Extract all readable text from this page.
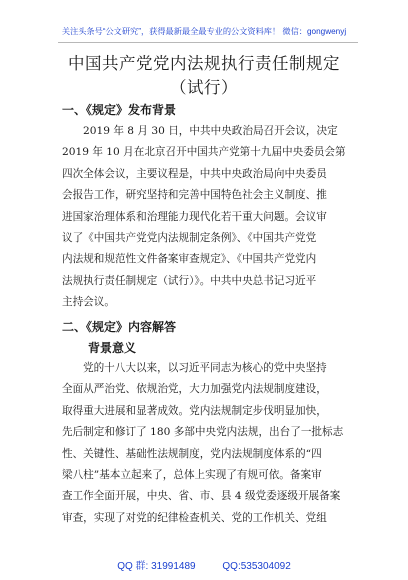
关注头条号“公文研究”，获得最新最全最专业的公文资料库！ 微信：gongwenyj
中国共产党党内法规执行责任制规定
（试行）
一、《规定》发布背景
2019 年 8 月 30 日，中共中央政治局召开会议，决定
2019 年 10 月在北京召开中国共产党第十九届中央委员会第
四次全体会议，主要议程是，中共中央政治局向中央委员
会报告工作，研究坚持和完善中国特色社会主义制度、推
进国家治理体系和治理能力现代化若干重大问题。会议审
议了《中国共产党党内法规制定条例》、《中国共产党党
内法规和规范性文件备案审查规定》、《中国共产党党内
法规执行责任制规定（试行）》。中共中央总书记习近平
主持会议。
二、《规定》内容解答
背景意义
党的十八大以来，以习近平同志为核心的党中央坚持
全面从严治党、依规治党，大力加强党内法规制度建设，
取得重大进展和显著成效。党内法规制定步伐明显加快，
先后制定和修订了 180 多部中央党内法规，出台了一批标志
性、关键性、基础性法规制度，党内法规制度体系的“四
梁八柱”基本立起来了，总体上实现了有规可依。备案审
查工作全面开展，中央、省、市、县 4 级党委逐级开展备案
审查，实现了对党的纪律检查机关、党的工作机关、党组
QQ 群: 31991489	QQ:535304092
